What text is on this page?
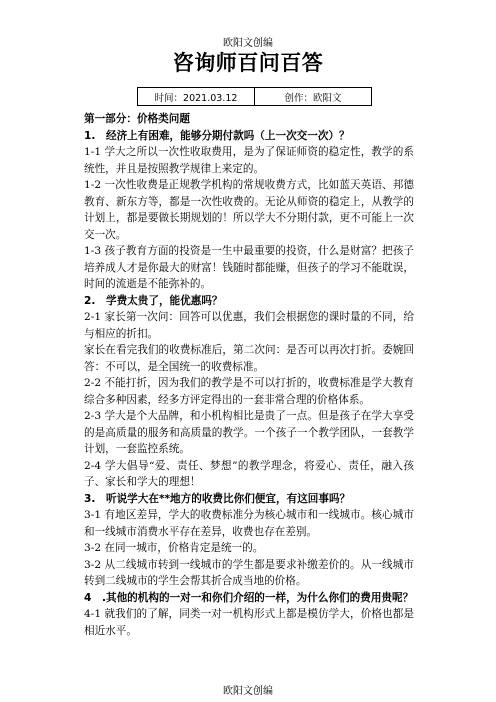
欧阳文创编
咨询师百问百答
时间：2021.03.12	创作：欧阳文

第一部分：价格类问题

1.　经济上有困难，能够分期付款吗（上一次交一次）？

1-1 学大之所以一次性收取费用，是为了保证师资的稳定性，教学的系统性，并且是按照教学规律上来定的。

1-2 一次性收费是正规教学机构的常规收费方式，比如蓝天英语、邦德教育、新东方等，都是一次性收费的。无论从师资的稳定上，从教学的计划上，都是要做长期规划的！所以学大不分期付款，更不可能上一次交一次。

1-3 孩子教育方面的投资是一生中最重要的投资，什么是财富？把孩子培养成人才是你最大的财富！钱随时都能赚，但孩子的学习不能耽误，时间的流逝是不能弥补的。

2.　学费太贵了，能优惠吗？

2-1 家长第一次问：回答可以优惠，我们会根据您的课时量的不同，给与相应的折扣。

家长在看完我们的收费标准后，第二次问：是否可以再次打折。委婉回答：不可以，是全国统一的收费标准。

2-2 不能打折，因为我们的教学是不可以打折的，收费标准是学大教育综合多种因素，经多方评定得出的一套非常合理的价格体系。

2-3 学大是个大品牌，和小机构相比是贵了一点。但是孩子在学大享受的是高质量的服务和高质量的教学。一个孩子一个教学团队，一套教学计划，一套监控系统。

2-4 学大倡导“爱、责任、梦想”的教学理念，将爱心、责任，融入孩子、家长和学大的理想！

3.　听说学大在**地方的收费比你们便宜，有这回事吗？

3-1 有地区差异，学大的收费标准分为核心城市和一线城市。核心城市和一线城市消费水平存在差异，收费也存在差别。

3-2 在同一城市，价格肯定是统一的。

3-2 从二线城市转到一线城市的学生都是要求补缴差价的。从一线城市转到二线城市的学生会帮其折合成当地的价格。

4　.其他的机构的一对一和你们介绍的一样，为什么你们的费用贵呢？

4-1 就我们的了解，同类一对一机构形式上都是模仿学大，价格也都是相近水平。

欧阳文创编
